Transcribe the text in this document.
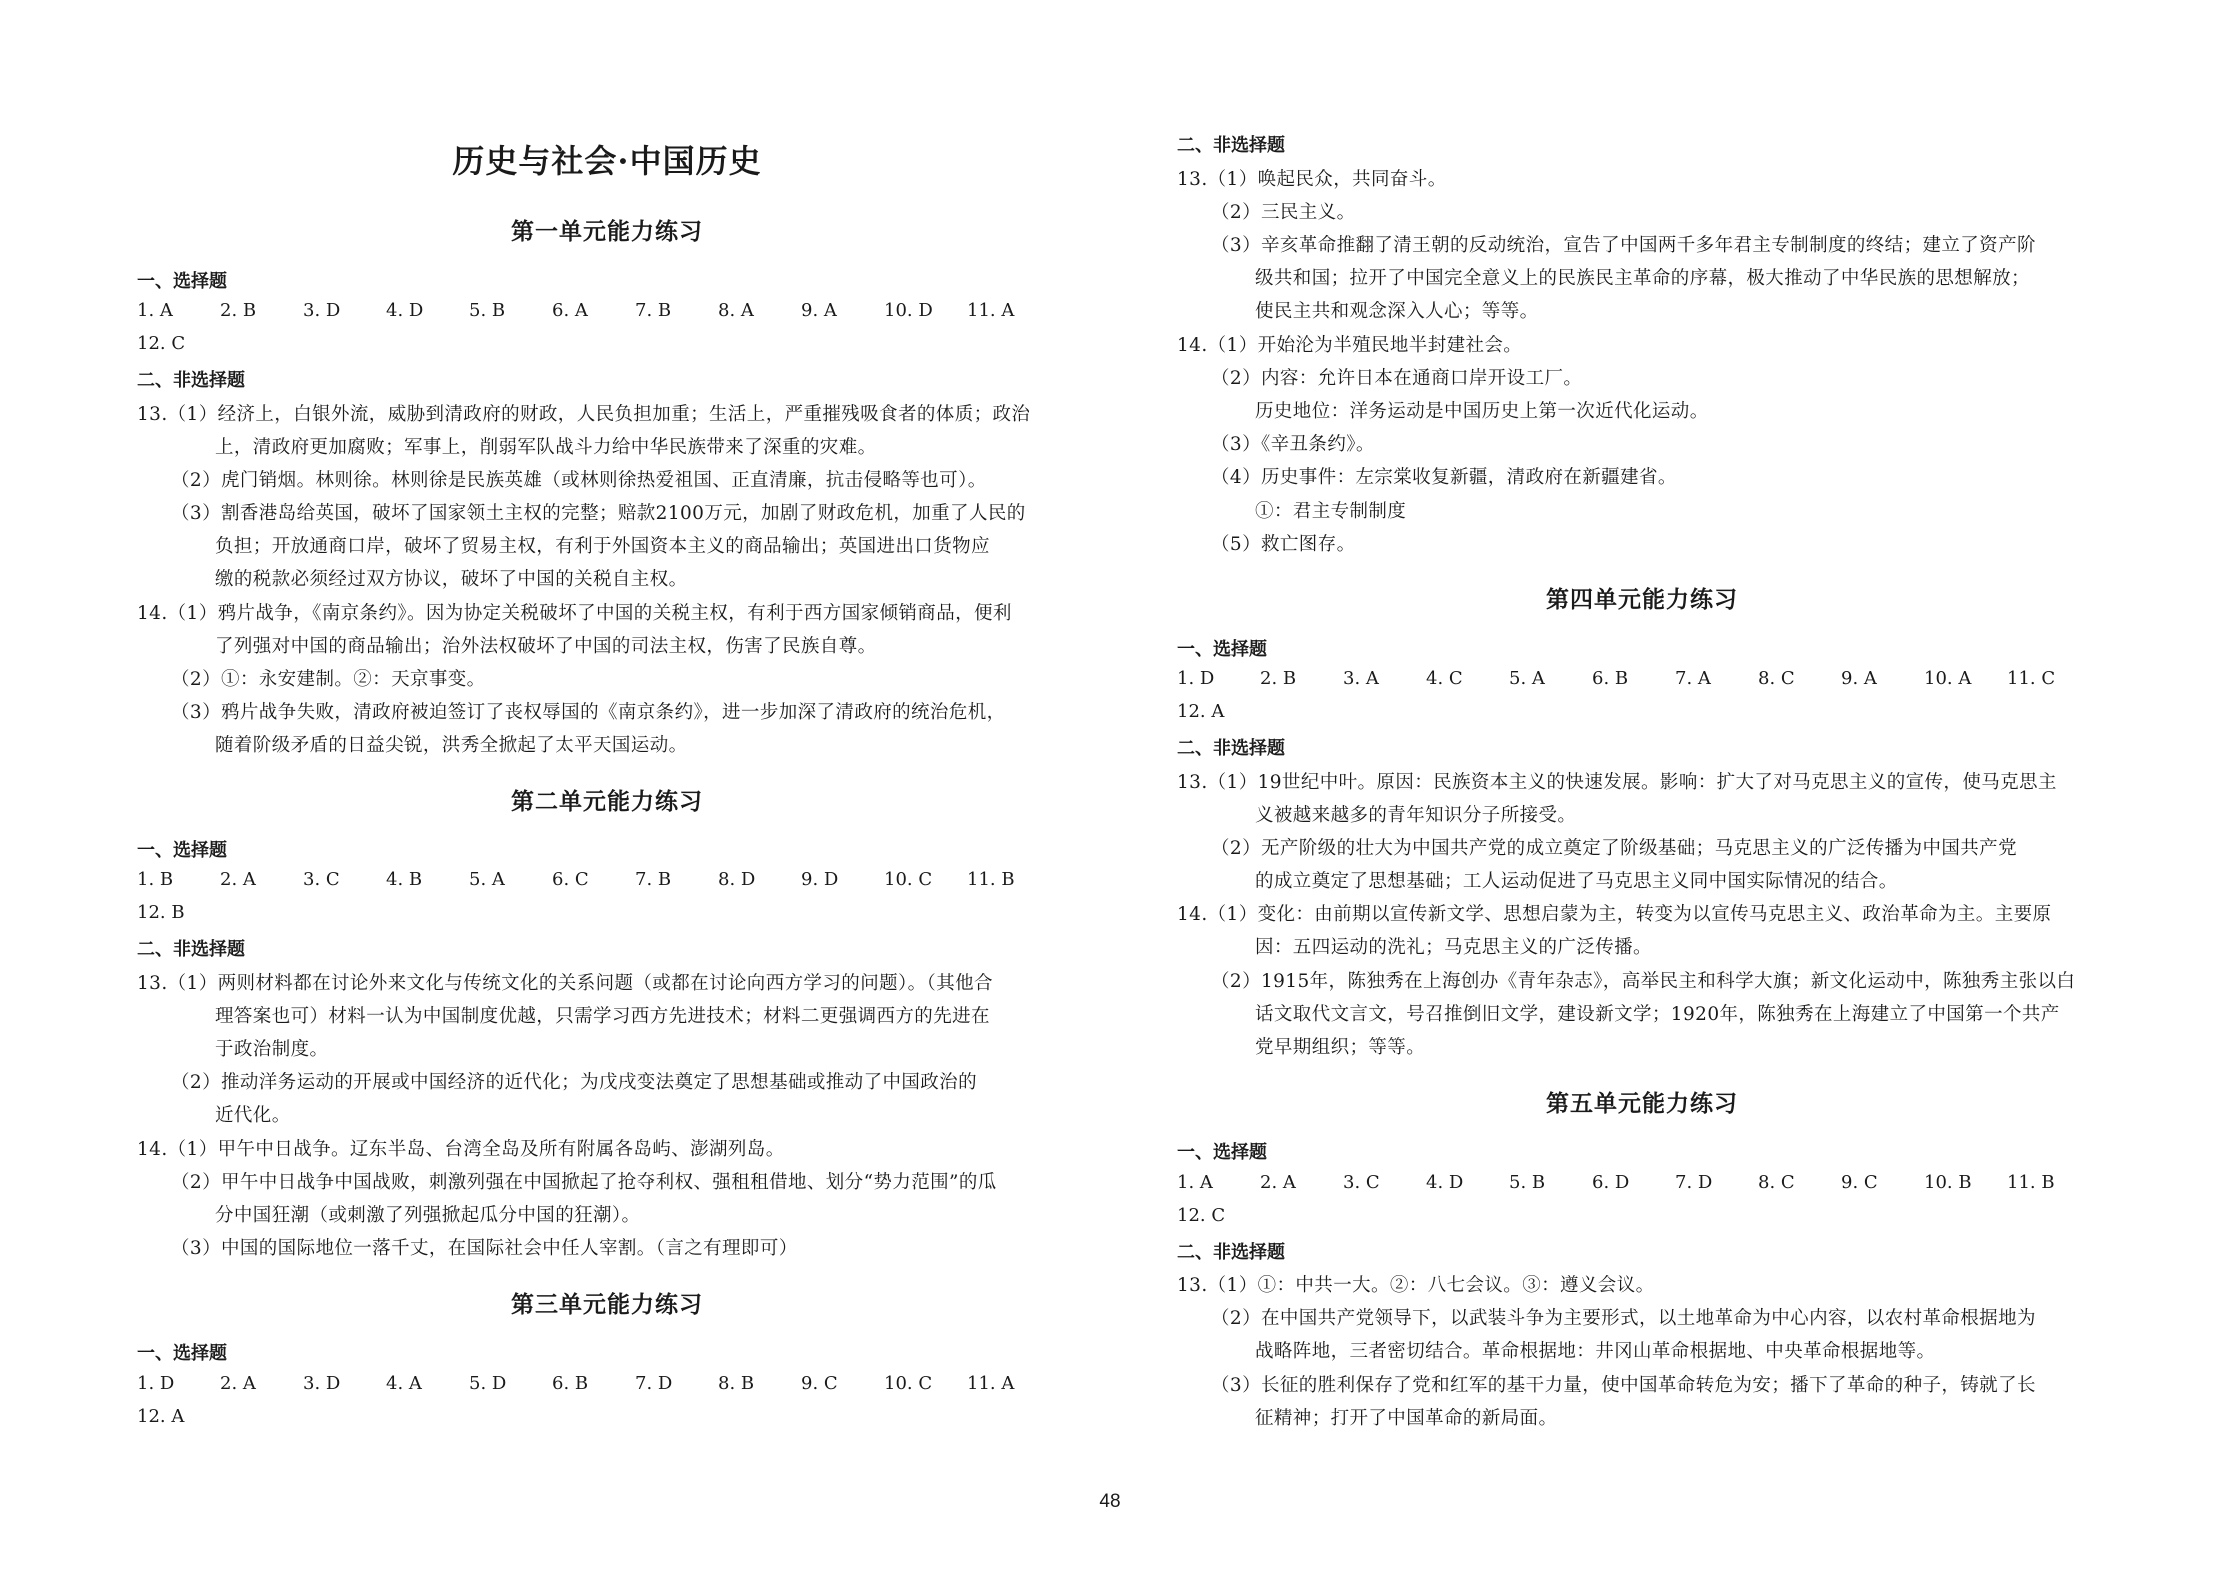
历史与社会·中国历史
第一单元能力练习
一、选择题
1. A	2. B	3. D	4. D	5. B	6. A	7. B	8. A	9. A	10. D	11. A
12. C
二、非选择题
13.（1）经济上，白银外流，威胁到清政府的财政，人民负担加重；生活上，严重摧残吸食者的体质；政治
上，清政府更加腐败；军事上，削弱军队战斗力给中华民族带来了深重的灾难。
（2）虎门销烟。林则徐。林则徐是民族英雄（或林则徐热爱祖国、正直清廉，抗击侵略等也可）。
（3）割香港岛给英国，破坏了国家领土主权的完整；赔款2100万元，加剧了财政危机，加重了人民的
负担；开放通商口岸，破坏了贸易主权，有利于外国资本主义的商品输出；英国进出口货物应
缴的税款必须经过双方协议，破坏了中国的关税自主权。
14.（1）鸦片战争，《南京条约》。因为协定关税破坏了中国的关税主权，有利于西方国家倾销商品，便利
了列强对中国的商品输出；治外法权破坏了中国的司法主权，伤害了民族自尊。
（2）①：永安建制。②：天京事变。
（3）鸦片战争失败，清政府被迫签订了丧权辱国的《南京条约》，进一步加深了清政府的统治危机，
随着阶级矛盾的日益尖锐，洪秀全掀起了太平天国运动。
第二单元能力练习
一、选择题
1. B	2. A	3. C	4. B	5. A	6. C	7. B	8. D	9. D	10. C	11. B
12. B
二、非选择题
13.（1）两则材料都在讨论外来文化与传统文化的关系问题（或都在讨论向西方学习的问题）。（其他合
理答案也可）材料一认为中国制度优越，只需学习西方先进技术；材料二更强调西方的先进在
于政治制度。
（2）推动洋务运动的开展或中国经济的近代化；为戊戌变法奠定了思想基础或推动了中国政治的
近代化。
14.（1）甲午中日战争。辽东半岛、台湾全岛及所有附属各岛屿、澎湖列岛。
（2）甲午中日战争中国战败，刺激列强在中国掀起了抢夺利权、强租租借地、划分“势力范围”的瓜
分中国狂潮（或刺激了列强掀起瓜分中国的狂潮）。
（3）中国的国际地位一落千丈，在国际社会中任人宰割。（言之有理即可）
第三单元能力练习
一、选择题
1. D	2. A	3. D	4. A	5. D	6. B	7. D	8. B	9. C	10. C	11. A
12. A
二、非选择题
13.（1）唤起民众，共同奋斗。
（2）三民主义。
（3）辛亥革命推翻了清王朝的反动统治，宣告了中国两千多年君主专制制度的终结；建立了资产阶
级共和国；拉开了中国完全意义上的民族民主革命的序幕，极大推动了中华民族的思想解放；
使民主共和观念深入人心；等等。
14.（1）开始沦为半殖民地半封建社会。
（2）内容：允许日本在通商口岸开设工厂。
历史地位：洋务运动是中国历史上第一次近代化运动。
（3）《辛丑条约》。
（4）历史事件：左宗棠收复新疆，清政府在新疆建省。
①：君主专制制度
（5）救亡图存。
第四单元能力练习
一、选择题
1. D	2. B	3. A	4. C	5. A	6. B	7. A	8. C	9. A	10. A	11. C
12. A
二、非选择题
13.（1）19世纪中叶。原因：民族资本主义的快速发展。影响：扩大了对马克思主义的宣传，使马克思主
义被越来越多的青年知识分子所接受。
（2）无产阶级的壮大为中国共产党的成立奠定了阶级基础；马克思主义的广泛传播为中国共产党
的成立奠定了思想基础；工人运动促进了马克思主义同中国实际情况的结合。
14.（1）变化：由前期以宣传新文学、思想启蒙为主，转变为以宣传马克思主义、政治革命为主。主要原
因：五四运动的洗礼；马克思主义的广泛传播。
（2）1915年，陈独秀在上海创办《青年杂志》，高举民主和科学大旗；新文化运动中，陈独秀主张以白
话文取代文言文，号召推倒旧文学，建设新文学；1920年，陈独秀在上海建立了中国第一个共产
党早期组织；等等。
第五单元能力练习
一、选择题
1. A	2. A	3. C	4. D	5. B	6. D	7. D	8. C	9. C	10. B	11. B
12. C
二、非选择题
13.（1）①：中共一大。②：八七会议。③：遵义会议。
（2）在中国共产党领导下，以武装斗争为主要形式，以土地革命为中心内容，以农村革命根据地为
战略阵地，三者密切结合。革命根据地：井冈山革命根据地、中央革命根据地等。
（3）长征的胜利保存了党和红军的基干力量，使中国革命转危为安；播下了革命的种子，铸就了长
征精神；打开了中国革命的新局面。
48
